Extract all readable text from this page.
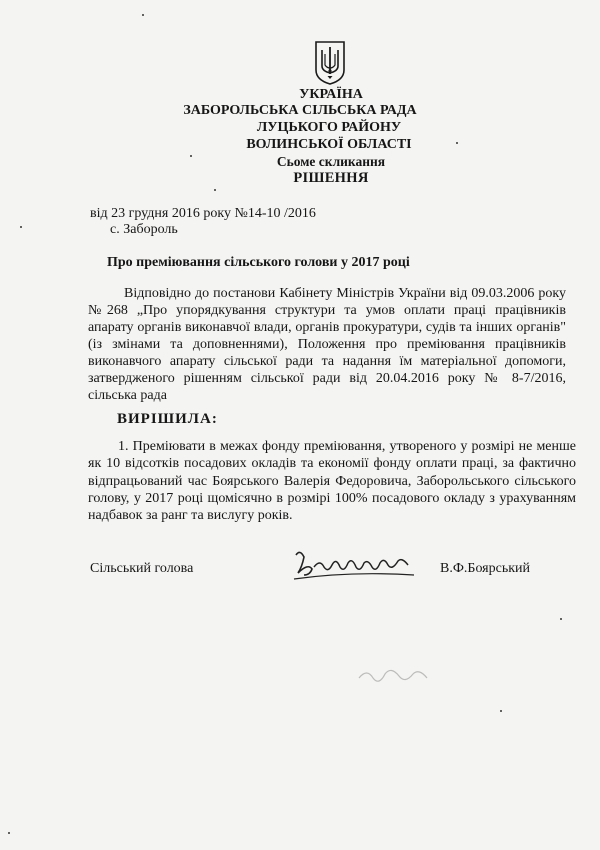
УКРАЇНА
ЗАБОРОЛЬСЬКА СІЛЬСЬКА РАДА
ЛУЦЬКОГО РАЙОНУ
ВОЛИНСЬКОЇ ОБЛАСТІ
Сьоме скликання
РІШЕННЯ
від 23 грудня 2016 року №14-10 /2016
с. Забороль
Про преміювання сільського голови у 2017 році
Відповідно до постанови Кабінету Міністрів України від 09.03.2006 року
№268 „Про упорядкування структури та умов оплати праці працівників
апарату органів виконавчої влади, органів прокуратури, судів та інших органів"
(із змінами та доповненнями), Положення про преміювання працівників
виконавчого апарату сільської ради та надання їм матеріальної допомоги,
затвердженого рішенням сільської ради від 20.04.2016 року № 8-7/2016,
сільська рада
ВИРІШИЛА:
1. Преміювати в межах фонду преміювання, утвореного у розмірі не менше
як 10 відсотків посадових окладів та економії фонду оплати праці, за фактично
відпрацьований час Боярського Валерія Федоровича, Заборольського сільського
голову, у 2017 році щомісячно в розмірі 100% посадового окладу з урахуванням
надбавок за ранг та вислугу років.
Сільський голова	В.Ф.Боярський
